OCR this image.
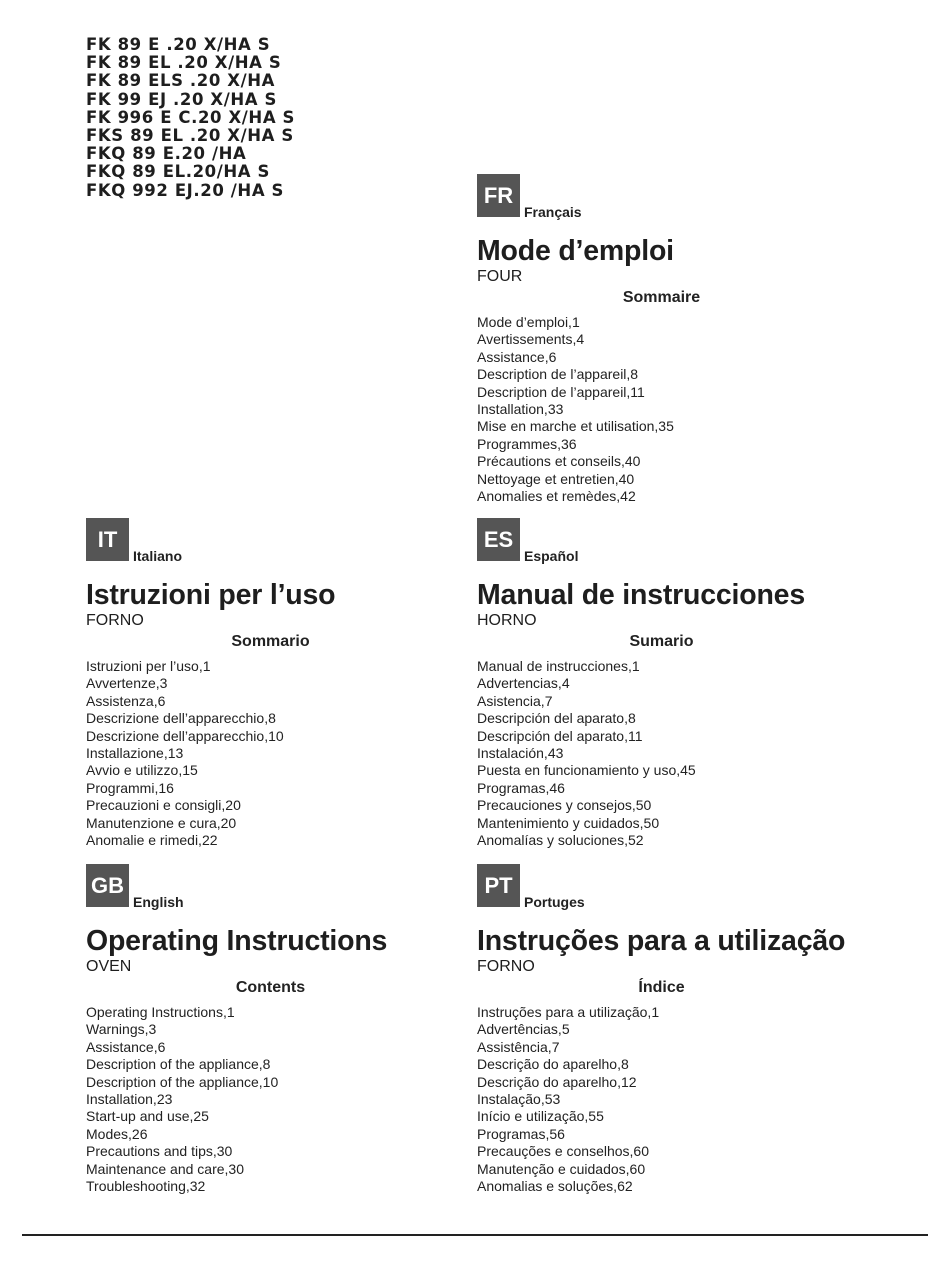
FK 89 E .20 X/HA S
FK 89 EL .20 X/HA S
FK 89 ELS .20 X/HA
FK 99 EJ .20 X/HA S
FK 996 E C.20 X/HA S
FKS 89 EL .20 X/HA S
FKQ 89 E.20 /HA
FKQ 89 EL.20/HA S
FKQ 992 EJ.20 /HA S	FR
Français
Mode d’emploi
FOUR
Sommaire
Mode d’emploi,1
Avertissements,4
Assistance,6
Description de l’appareil,8
Description de l’appareil,11
Installation,33
Mise en marche et utilisation,35
Programmes,36
Précautions et conseils,40
Nettoyage et entretien,40
Anomalies et remèdes,42
IT
Italiano
Istruzioni per l’uso
FORNO
Sommario
Istruzioni per l’uso,1
Avvertenze,3
Assistenza,6
Descrizione dell’apparecchio,8
Descrizione dell’apparecchio,10
Installazione,13
Avvio e utilizzo,15
Programmi,16
Precauzioni e consigli,20
Manutenzione e cura,20
Anomalie e rimedi,22
ES
Español
Manual de instrucciones
HORNO
Sumario
Manual de instrucciones,1
Advertencias,4
Asistencia,7
Descripción del aparato,8
Descripción del aparato,11
Instalación,43
Puesta en funcionamiento y uso,45
Programas,46
Precauciones y consejos,50
Mantenimiento y cuidados,50
Anomalías y soluciones,52
GB
English
Operating Instructions
OVEN
Contents
Operating Instructions,1
Warnings,3
Assistance,6
Description of the appliance,8
Description of the appliance,10
Installation,23
Start-up and use,25
Modes,26
Precautions and tips,30
Maintenance and care,30
Troubleshooting,32
PT
Portuges
Instruções para a utilização
FORNO
Índice
Instruções para a utilização,1
Advertências,5
Assistência,7
Descrição do aparelho,8
Descrição do aparelho,12
Instalação,53
Início e utilização,55
Programas,56
Precauções e conselhos,60
Manutenção e cuidados,60
Anomalias e soluções,62
